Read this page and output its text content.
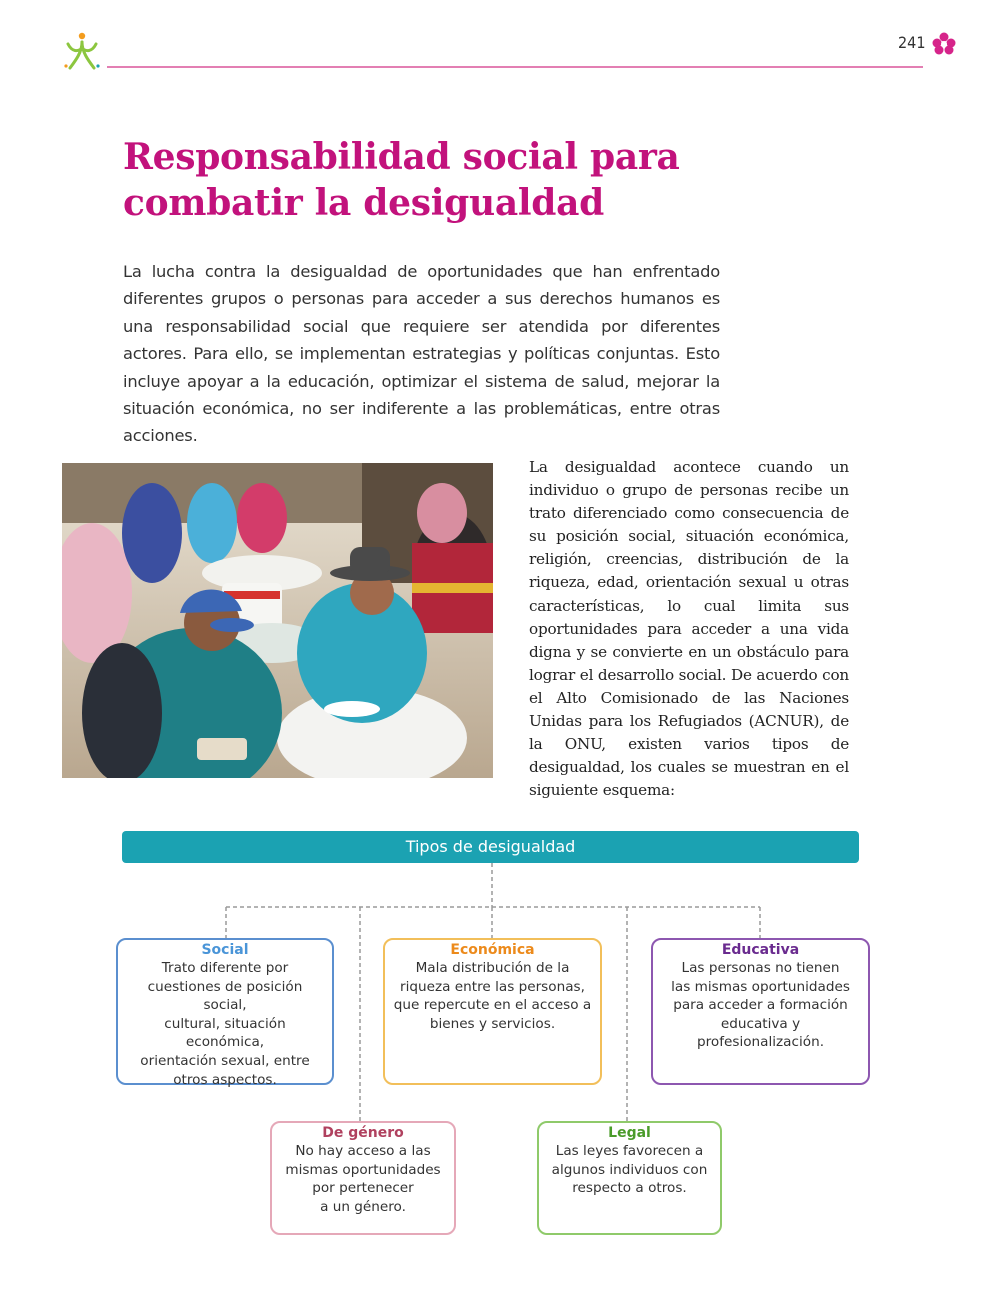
241
Responsabilidad social para
combatir la desigualdad

La lucha contra la desigualdad de oportunidades que han enfrentado diferentes grupos o personas para acceder a sus derechos humanos es una responsabilidad social que requiere ser atendida por diferentes actores. Para ello, se implementan estrategias y políticas conjuntas. Esto incluye apoyar a la educación, optimizar el sistema de salud, mejorar la situación económica, no ser indiferente a las problemáticas, entre otras acciones.

La desigualdad acontece cuando un individuo o grupo de personas recibe un trato diferenciado como consecuencia de su posición social, situación económica, religión, creencias, distribución de la riqueza, edad, orientación sexual u otras características, lo cual limita sus oportunidades para acceder a una vida digna y se convierte en un obstáculo para lograr el desarrollo social. De acuerdo con el Alto Comisionado de las Naciones Unidas para los Refugiados (ACNUR), de la ONU, existen varios tipos de desigualdad, los cuales se muestran en el siguiente esquema:

Tipos de desigualdad
Social
Trato diferente por
cuestiones de posición social,
cultural, situación económica,
orientación sexual, entre
otros aspectos.
Económica
Mala distribución de la
riqueza entre las personas,
que repercute en el acceso a
bienes y servicios.
Educativa
Las personas no tienen
las mismas oportunidades
para acceder a formación
educativa y
profesionalización.
De género
No hay acceso a las
mismas oportunidades
por pertenecer
a un género.
Legal
Las leyes favorecen a
algunos individuos con
respecto a otros.
